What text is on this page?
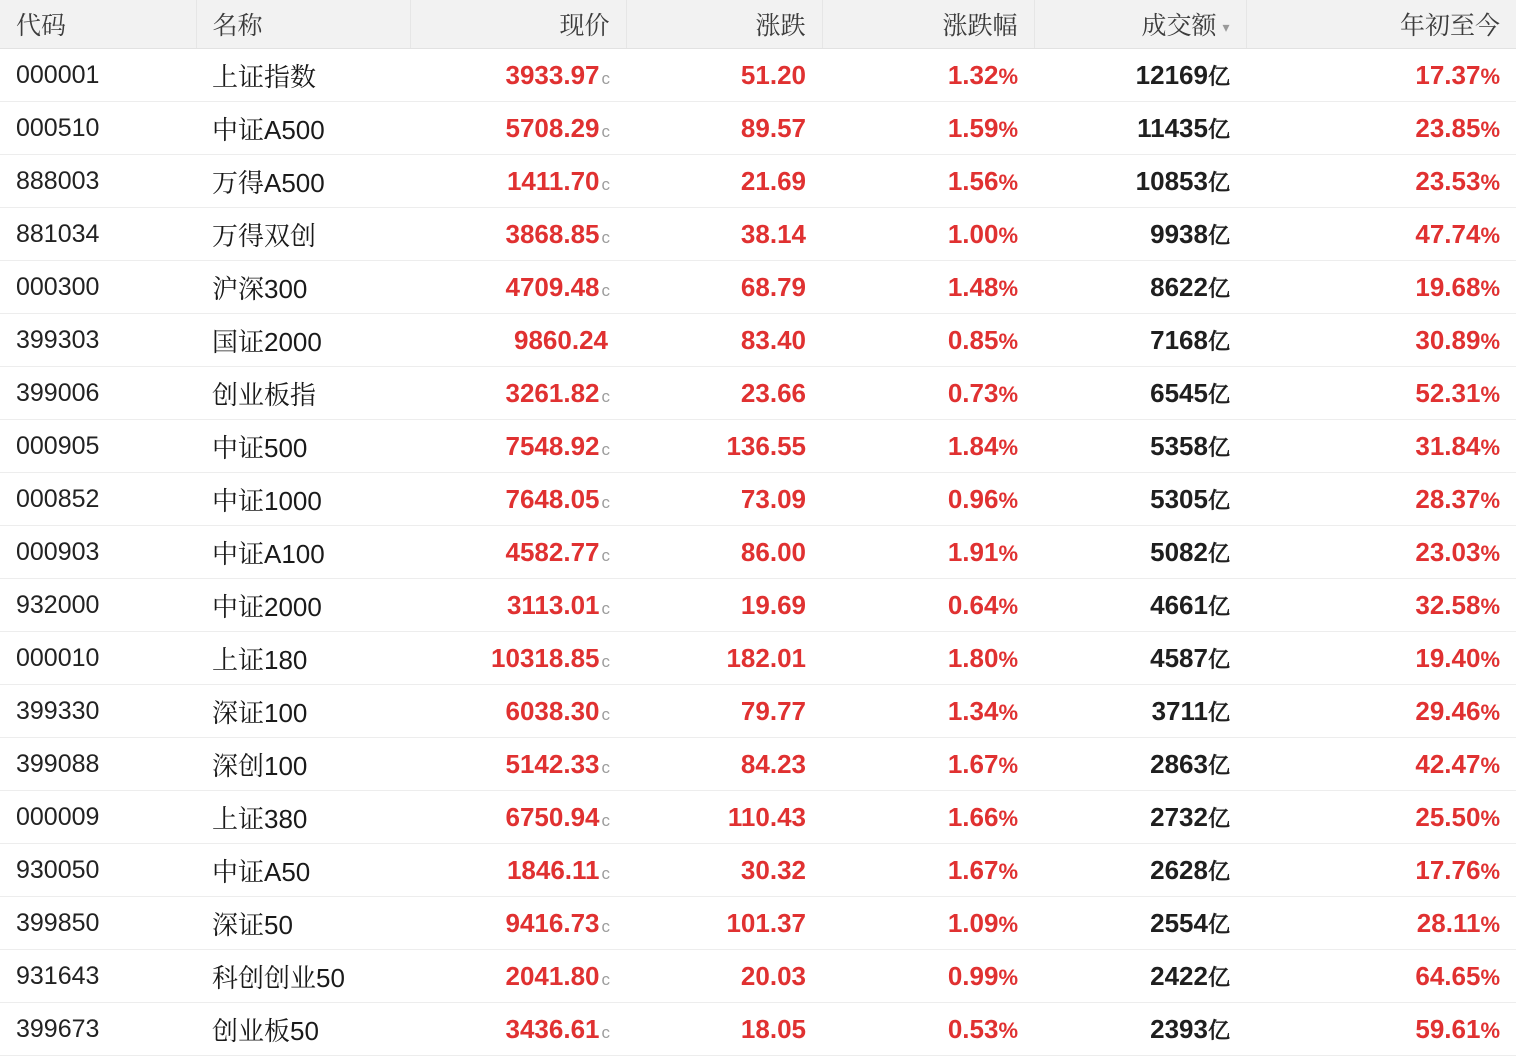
代码	名称	现价	涨跌	涨跌幅	成交额 ▾	年初至今
000001	上证指数	3933.97 c	51.20	1.32%	12169亿	17.37%
000510	中证A500	5708.29 c	89.57	1.59%	11435亿	23.85%
888003	万得A500	1411.70 c	21.69	1.56%	10853亿	23.53%
881034	万得双创	3868.85 c	38.14	1.00%	9938亿	47.74%
000300	沪深300	4709.48 c	68.79	1.48%	8622亿	19.68%
399303	国证2000	9860.24	83.40	0.85%	7168亿	30.89%
399006	创业板指	3261.82 c	23.66	0.73%	6545亿	52.31%
000905	中证500	7548.92 c	136.55	1.84%	5358亿	31.84%
000852	中证1000	7648.05 c	73.09	0.96%	5305亿	28.37%
000903	中证A100	4582.77 c	86.00	1.91%	5082亿	23.03%
932000	中证2000	3113.01 c	19.69	0.64%	4661亿	32.58%
000010	上证180	10318.85 c	182.01	1.80%	4587亿	19.40%
399330	深证100	6038.30 c	79.77	1.34%	3711亿	29.46%
399088	深创100	5142.33 c	84.23	1.67%	2863亿	42.47%
000009	上证380	6750.94 c	110.43	1.66%	2732亿	25.50%
930050	中证A50	1846.11 c	30.32	1.67%	2628亿	17.76%
399850	深证50	9416.73 c	101.37	1.09%	2554亿	28.11%
931643	科创创业50	2041.80 c	20.03	0.99%	2422亿	64.65%
399673	创业板50	3436.61 c	18.05	0.53%	2393亿	59.61%
